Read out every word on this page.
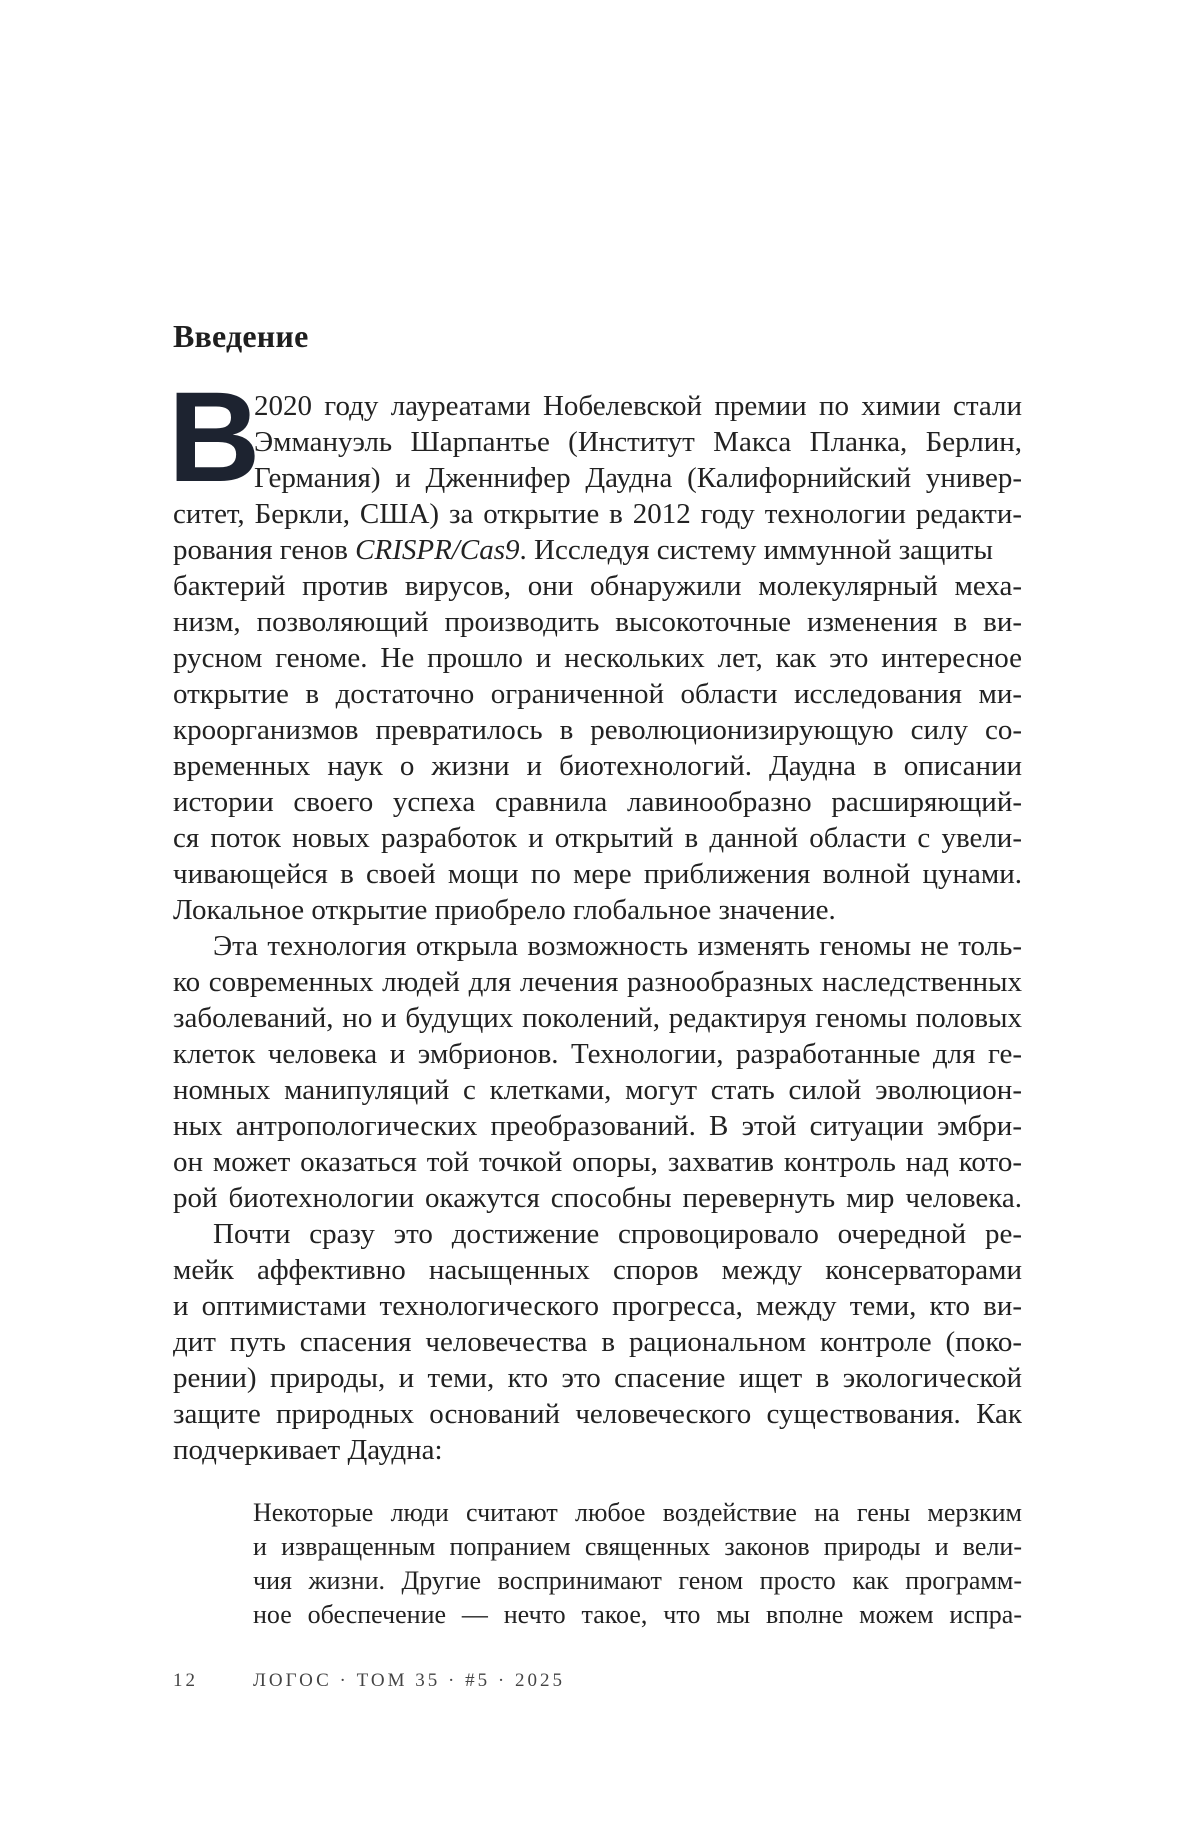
Введение
В
2020 году лауреатами Нобелевской премии по химии стали
Эммануэль Шарпантье (Институт Макса Планка, Берлин,
Германия) и Дженнифер Даудна (Калифорнийский универ-
ситет, Беркли, США) за открытие в 2012 году технологии редакти-
рования генов CRISPR/Cas9. Исследуя систему иммунной защиты
бактерий против вирусов, они обнаружили молекулярный меха-
низм, позволяющий производить высокоточные изменения в ви-
русном геноме. Не прошло и нескольких лет, как это интересное
открытие в достаточно ограниченной области исследования ми-
кроорганизмов превратилось в революционизирующую силу со-
временных наук о жизни и биотехнологий. Даудна в описании
истории своего успеха сравнила лавинообразно расширяющий-
ся поток новых разработок и открытий в данной области с увели-
чивающейся в своей мощи по мере приближения волной цунами.
Локальное открытие приобрело глобальное значение.
Эта технология открыла возможность изменять геномы не толь-
ко современных людей для лечения разнообразных наследственных
заболеваний, но и будущих поколений, редактируя геномы половых
клеток человека и эмбрионов. Технологии, разработанные для ге-
номных манипуляций с клетками, могут стать силой эволюцион-
ных антропологических преобразований. В этой ситуации эмбри-
он может оказаться той точкой опоры, захватив контроль над кото-
рой биотехнологии окажутся способны перевернуть мир человека.
Почти сразу это достижение спровоцировало очередной ре-
мейк аффективно насыщенных споров между консерваторами
и оптимистами технологического прогресса, между теми, кто ви-
дит путь спасения человечества в рациональном контроле (поко-
рении) природы, и теми, кто это спасение ищет в экологической
защите природных оснований человеческого существования. Как
подчеркивает Даудна:
Некоторые люди считают любое воздействие на гены мерзким
и извращенным попранием священных законов природы и вели-
чия жизни. Другие воспринимают геном просто как программ-
ное обеспечение — нечто такое, что мы вполне можем испра-
12	ЛОГОС · ТОМ 35 · #5 · 2025
